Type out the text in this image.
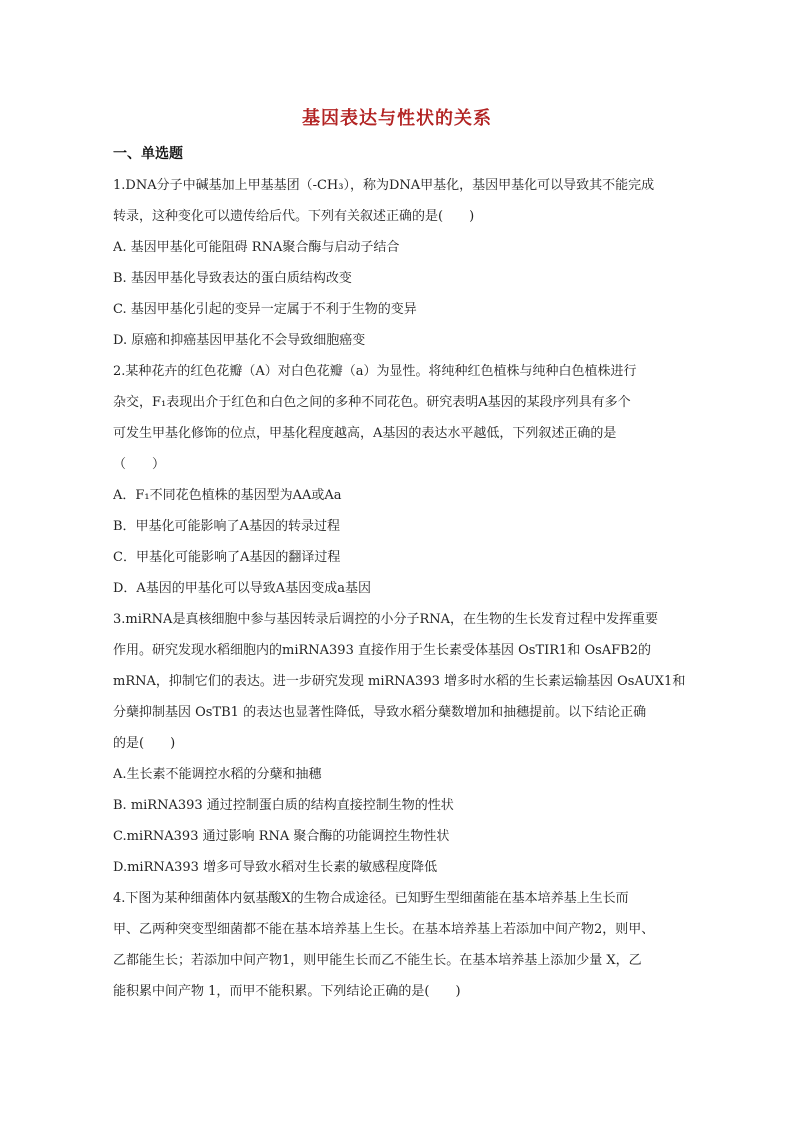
基因表达与性状的关系
一、单选题
1.DNA分子中碱基加上甲基基团（-CH₃），称为DNA甲基化，基因甲基化可以导致其不能完成
转录，这种变化可以遗传给后代。下列有关叙述正确的是(　　)
A. 基因甲基化可能阻碍 RNA聚合酶与启动子结合
B. 基因甲基化导致表达的蛋白质结构改变
C. 基因甲基化引起的变异一定属于不利于生物的变异
D. 原癌和抑癌基因甲基化不会导致细胞癌变
2.某种花卉的红色花瓣（A）对白色花瓣（a）为显性。将纯种红色植株与纯种白色植株进行
杂交，F₁表现出介于红色和白色之间的多种不同花色。研究表明A基因的某段序列具有多个
可发生甲基化修饰的位点，甲基化程度越高，A基因的表达水平越低，下列叙述正确的是
（　　）
A．F₁不同花色植株的基因型为AA或Aa
B．甲基化可能影响了A基因的转录过程
C．甲基化可能影响了A基因的翻译过程
D．A基因的甲基化可以导致A基因变成a基因
3.miRNA是真核细胞中参与基因转录后调控的小分子RNA，在生物的生长发育过程中发挥重要
作用。研究发现水稻细胞内的miRNA393 直接作用于生长素受体基因 OsTIR1和 OsAFB2的
mRNA，抑制它们的表达。进一步研究发现 miRNA393 增多时水稻的生长素运输基因 OsAUX1和
分蘖抑制基因 OsTB1 的表达也显著性降低，导致水稻分蘖数增加和抽穗提前。以下结论正确
的是(　　)
A.生长素不能调控水稻的分蘖和抽穗
B. miRNA393 通过控制蛋白质的结构直接控制生物的性状
C.miRNA393 通过影响 RNA 聚合酶的功能调控生物性状
D.miRNA393 增多可导致水稻对生长素的敏感程度降低
4.下图为某种细菌体内氨基酸X的生物合成途径。已知野生型细菌能在基本培养基上生长而
甲、乙两种突变型细菌都不能在基本培养基上生长。在基本培养基上若添加中间产物2，则甲、
乙都能生长；若添加中间产物1，则甲能生长而乙不能生长。在基本培养基上添加少量 X，乙
能积累中间产物 1，而甲不能积累。下列结论正确的是(　　)
